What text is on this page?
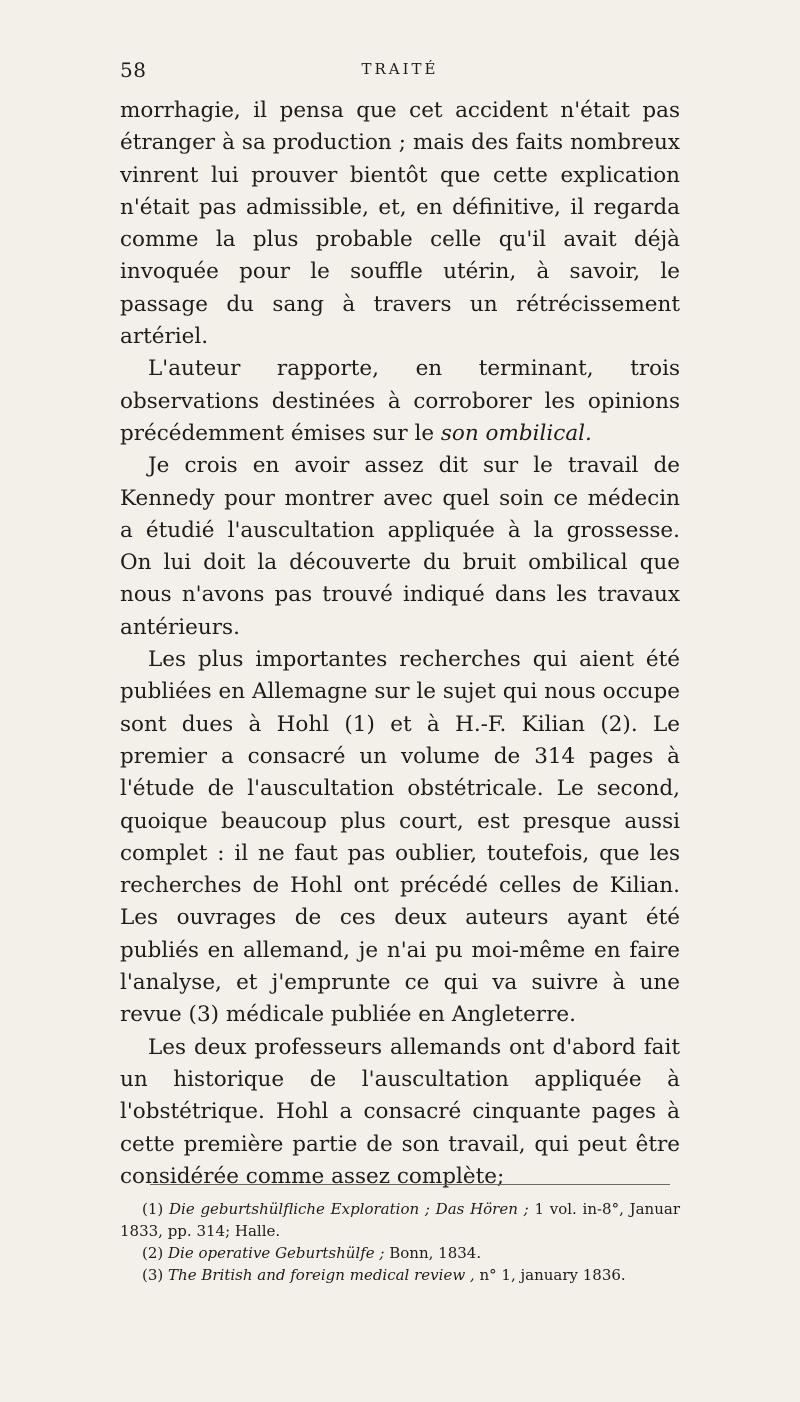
58	TRAITÉ

morrhagie, il pensa que cet accident n'était pas étranger à sa production ; mais des faits nombreux vinrent lui prouver bientôt que cette explication n'était pas admissible, et, en définitive, il regarda comme la plus probable celle qu'il avait déjà invoquée pour le souffle utérin, à savoir, le passage du sang à travers un rétrécissement artériel.

L'auteur rapporte, en terminant, trois observations destinées à corroborer les opinions précédemment émises sur le son ombilical.

Je crois en avoir assez dit sur le travail de Kennedy pour montrer avec quel soin ce médecin a étudié l'auscultation appliquée à la grossesse. On lui doit la découverte du bruit ombilical que nous n'avons pas trouvé indiqué dans les travaux antérieurs.

Les plus importantes recherches qui aient été publiées en Allemagne sur le sujet qui nous occupe sont dues à Hohl (1) et à H.-F. Kilian (2). Le premier a consacré un volume de 314 pages à l'étude de l'auscultation obstétricale. Le second, quoique beaucoup plus court, est presque aussi complet : il ne faut pas oublier, toutefois, que les recherches de Hohl ont précédé celles de Kilian. Les ouvrages de ces deux auteurs ayant été publiés en allemand, je n'ai pu moi-même en faire l'analyse, et j'emprunte ce qui va suivre à une revue (3) médicale publiée en Angleterre.

Les deux professeurs allemands ont d'abord fait un historique de l'auscultation appliquée à l'obstétrique. Hohl a consacré cinquante pages à cette première partie de son travail, qui peut être considérée comme assez complète;

(1) Die geburtshülfliche Exploration ; Das Hören ; 1 vol. in-8°, Januar 1833, pp. 314; Halle.

(2) Die operative Geburtshülfe ; Bonn, 1834.

(3) The British and foreign medical review , n° 1, january 1836.
